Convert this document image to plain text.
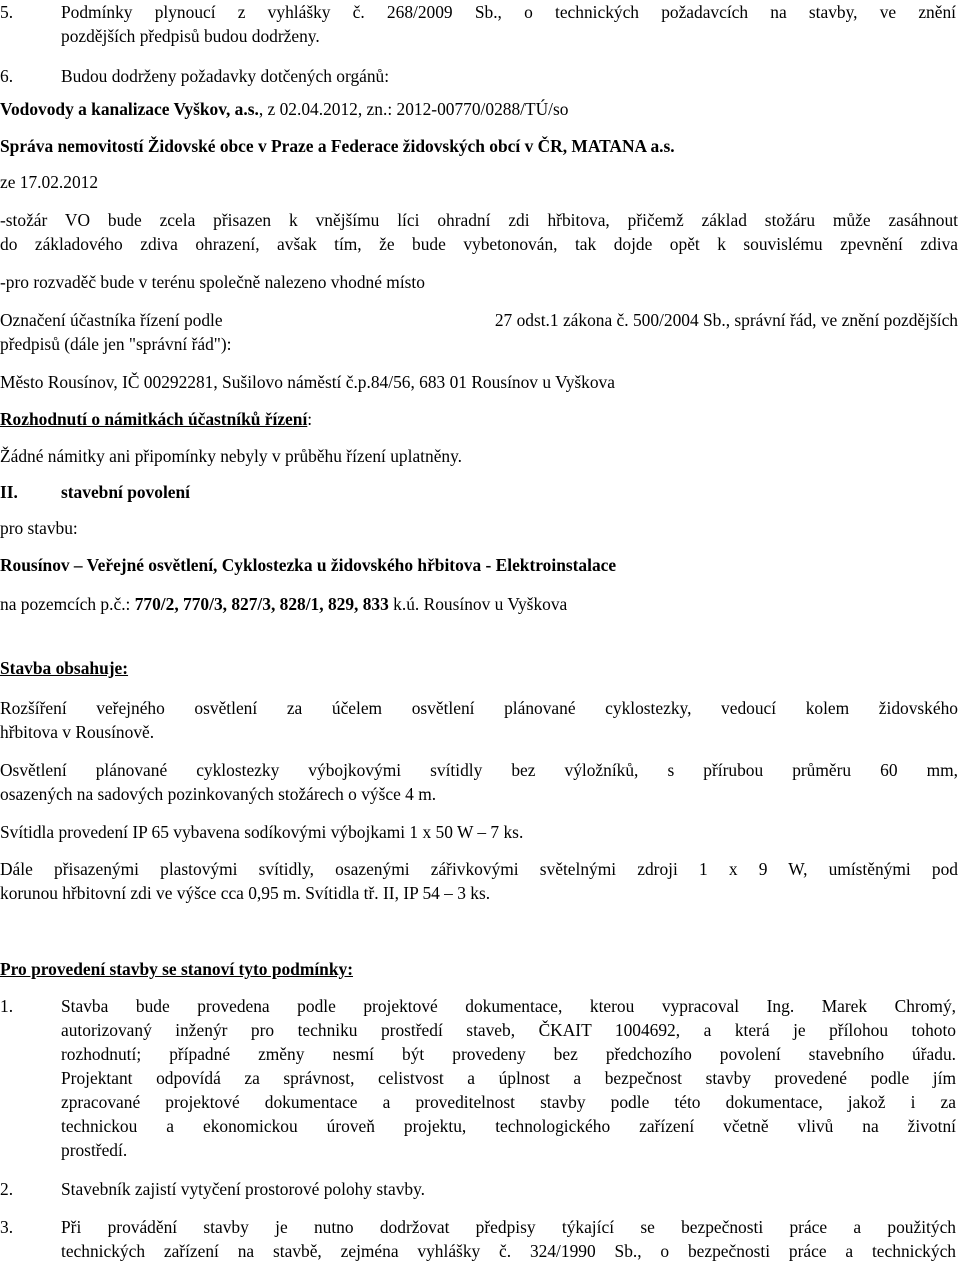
5.	Podmínky plynoucí z vyhlášky č. 268/2009 Sb., o technických požadavcích na stavby, ve znění
pozdějších předpisů budou dodrženy.
6.	Budou dodrženy požadavky dotčených orgánů:
Vodovody a kanalizace Vyškov, a.s., z 02.04.2012, zn.: 2012-00770/0288/TÚ/so
Správa nemovitostí Židovské obce v Praze a Federace židovských obcí v ČR, MATANA a.s.
ze 17.02.2012
-stožár VO bude zcela přisazen k vnějšímu líci ohradní zdi hřbitova, přičemž základ stožáru může zasáhnout
do základového zdiva ohrazení, avšak tím, že bude vybetonován, tak dojde opět k souvislému zpevnění zdiva
-pro rozvaděč bude v terénu společně nalezeno vhodné místo
Označení účastníka řízení podle	27 odst.1 zákona č. 500/2004 Sb., správní řád, ve znění pozdějších
předpisů (dále jen "správní řád"):
Město Rousínov, IČ 00292281, Sušilovo náměstí č.p.84/56, 683 01 Rousínov u Vyškova
Rozhodnutí o námitkách účastníků řízení:
Žádné námitky ani připomínky nebyly v průběhu řízení uplatněny.
II. stavební povolení
pro stavbu:
Rousínov – Veřejné osvětlení, Cyklostezka u židovského hřbitova - Elektroinstalace
na pozemcích p.č.: 770/2, 770/3, 827/3, 828/1, 829, 833 k.ú. Rousínov u Vyškova
Stavba obsahuje:
Rozšíření veřejného osvětlení za účelem osvětlení plánované cyklostezky, vedoucí kolem židovského
hřbitova v Rousínově.
Osvětlení plánované cyklostezky výbojkovými svítidly bez výložníků, s přírubou průměru 60 mm,
osazených na sadových pozinkovaných stožárech o výšce 4 m.
Svítidla provedení IP 65 vybavena sodíkovými výbojkami 1 x 50 W – 7 ks.
Dále přisazenými plastovými svítidly, osazenými zářivkovými světelnými zdroji 1 x 9 W, umístěnými pod
korunou hřbitovní zdi ve výšce cca 0,95 m. Svítidla tř. II, IP 54 – 3 ks.
Pro provedení stavby se stanoví tyto podmínky:
1.	Stavba bude provedena podle projektové dokumentace, kterou vypracoval Ing. Marek Chromý,
autorizovaný inženýr pro techniku prostředí staveb, ČKAIT 1004692, a která je přílohou tohoto
rozhodnutí; případné změny nesmí být provedeny bez předchozího povolení stavebního úřadu.
Projektant odpovídá za správnost, celistvost a úplnost a bezpečnost stavby provedené podle jím
zpracované projektové dokumentace a proveditelnost stavby podle této dokumentace, jakož i za
technickou a ekonomickou úroveň projektu, technologického zařízení včetně vlivů na životní
prostředí.
2.	Stavebník zajistí vytyčení prostorové polohy stavby.
3.	Při provádění stavby je nutno dodržovat předpisy týkající se bezpečnosti práce a použitých
technických zařízení na stavbě, zejména vyhlášky č. 324/1990 Sb., o bezpečnosti práce a technických
